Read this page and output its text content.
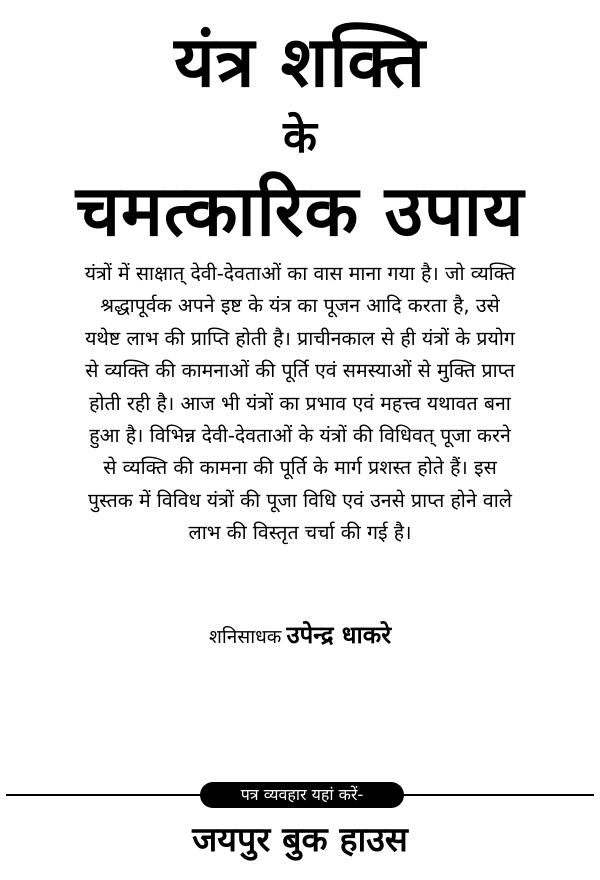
यंत्र शक्ति
के
चमत्कारिक उपाय
यंत्रों में साक्षात् देवी-देवताओं का वास माना गया है। जो व्यक्ति
श्रद्धापूर्वक अपने इष्ट के यंत्र का पूजन आदि करता है, उसे
यथेष्ट लाभ की प्राप्ति होती है। प्राचीनकाल से ही यंत्रों के प्रयोग
से व्यक्ति की कामनाओं की पूर्ति एवं समस्याओं से मुक्ति प्राप्त
होती रही है। आज भी यंत्रों का प्रभाव एवं महत्त्व यथावत बना
हुआ है। विभिन्न देवी-देवताओं के यंत्रों की विधिवत् पूजा करने
से व्यक्ति की कामना की पूर्ति के मार्ग प्रशस्त होते हैं। इस
पुस्तक में विविध यंत्रों की पूजा विधि एवं उनसे प्राप्त होने वाले
लाभ की विस्तृत चर्चा की गई है।
शनिसाधक उपेन्द्र धाकरे
पत्र व्यवहार यहां करें-
जयपुर बुक हाउस
